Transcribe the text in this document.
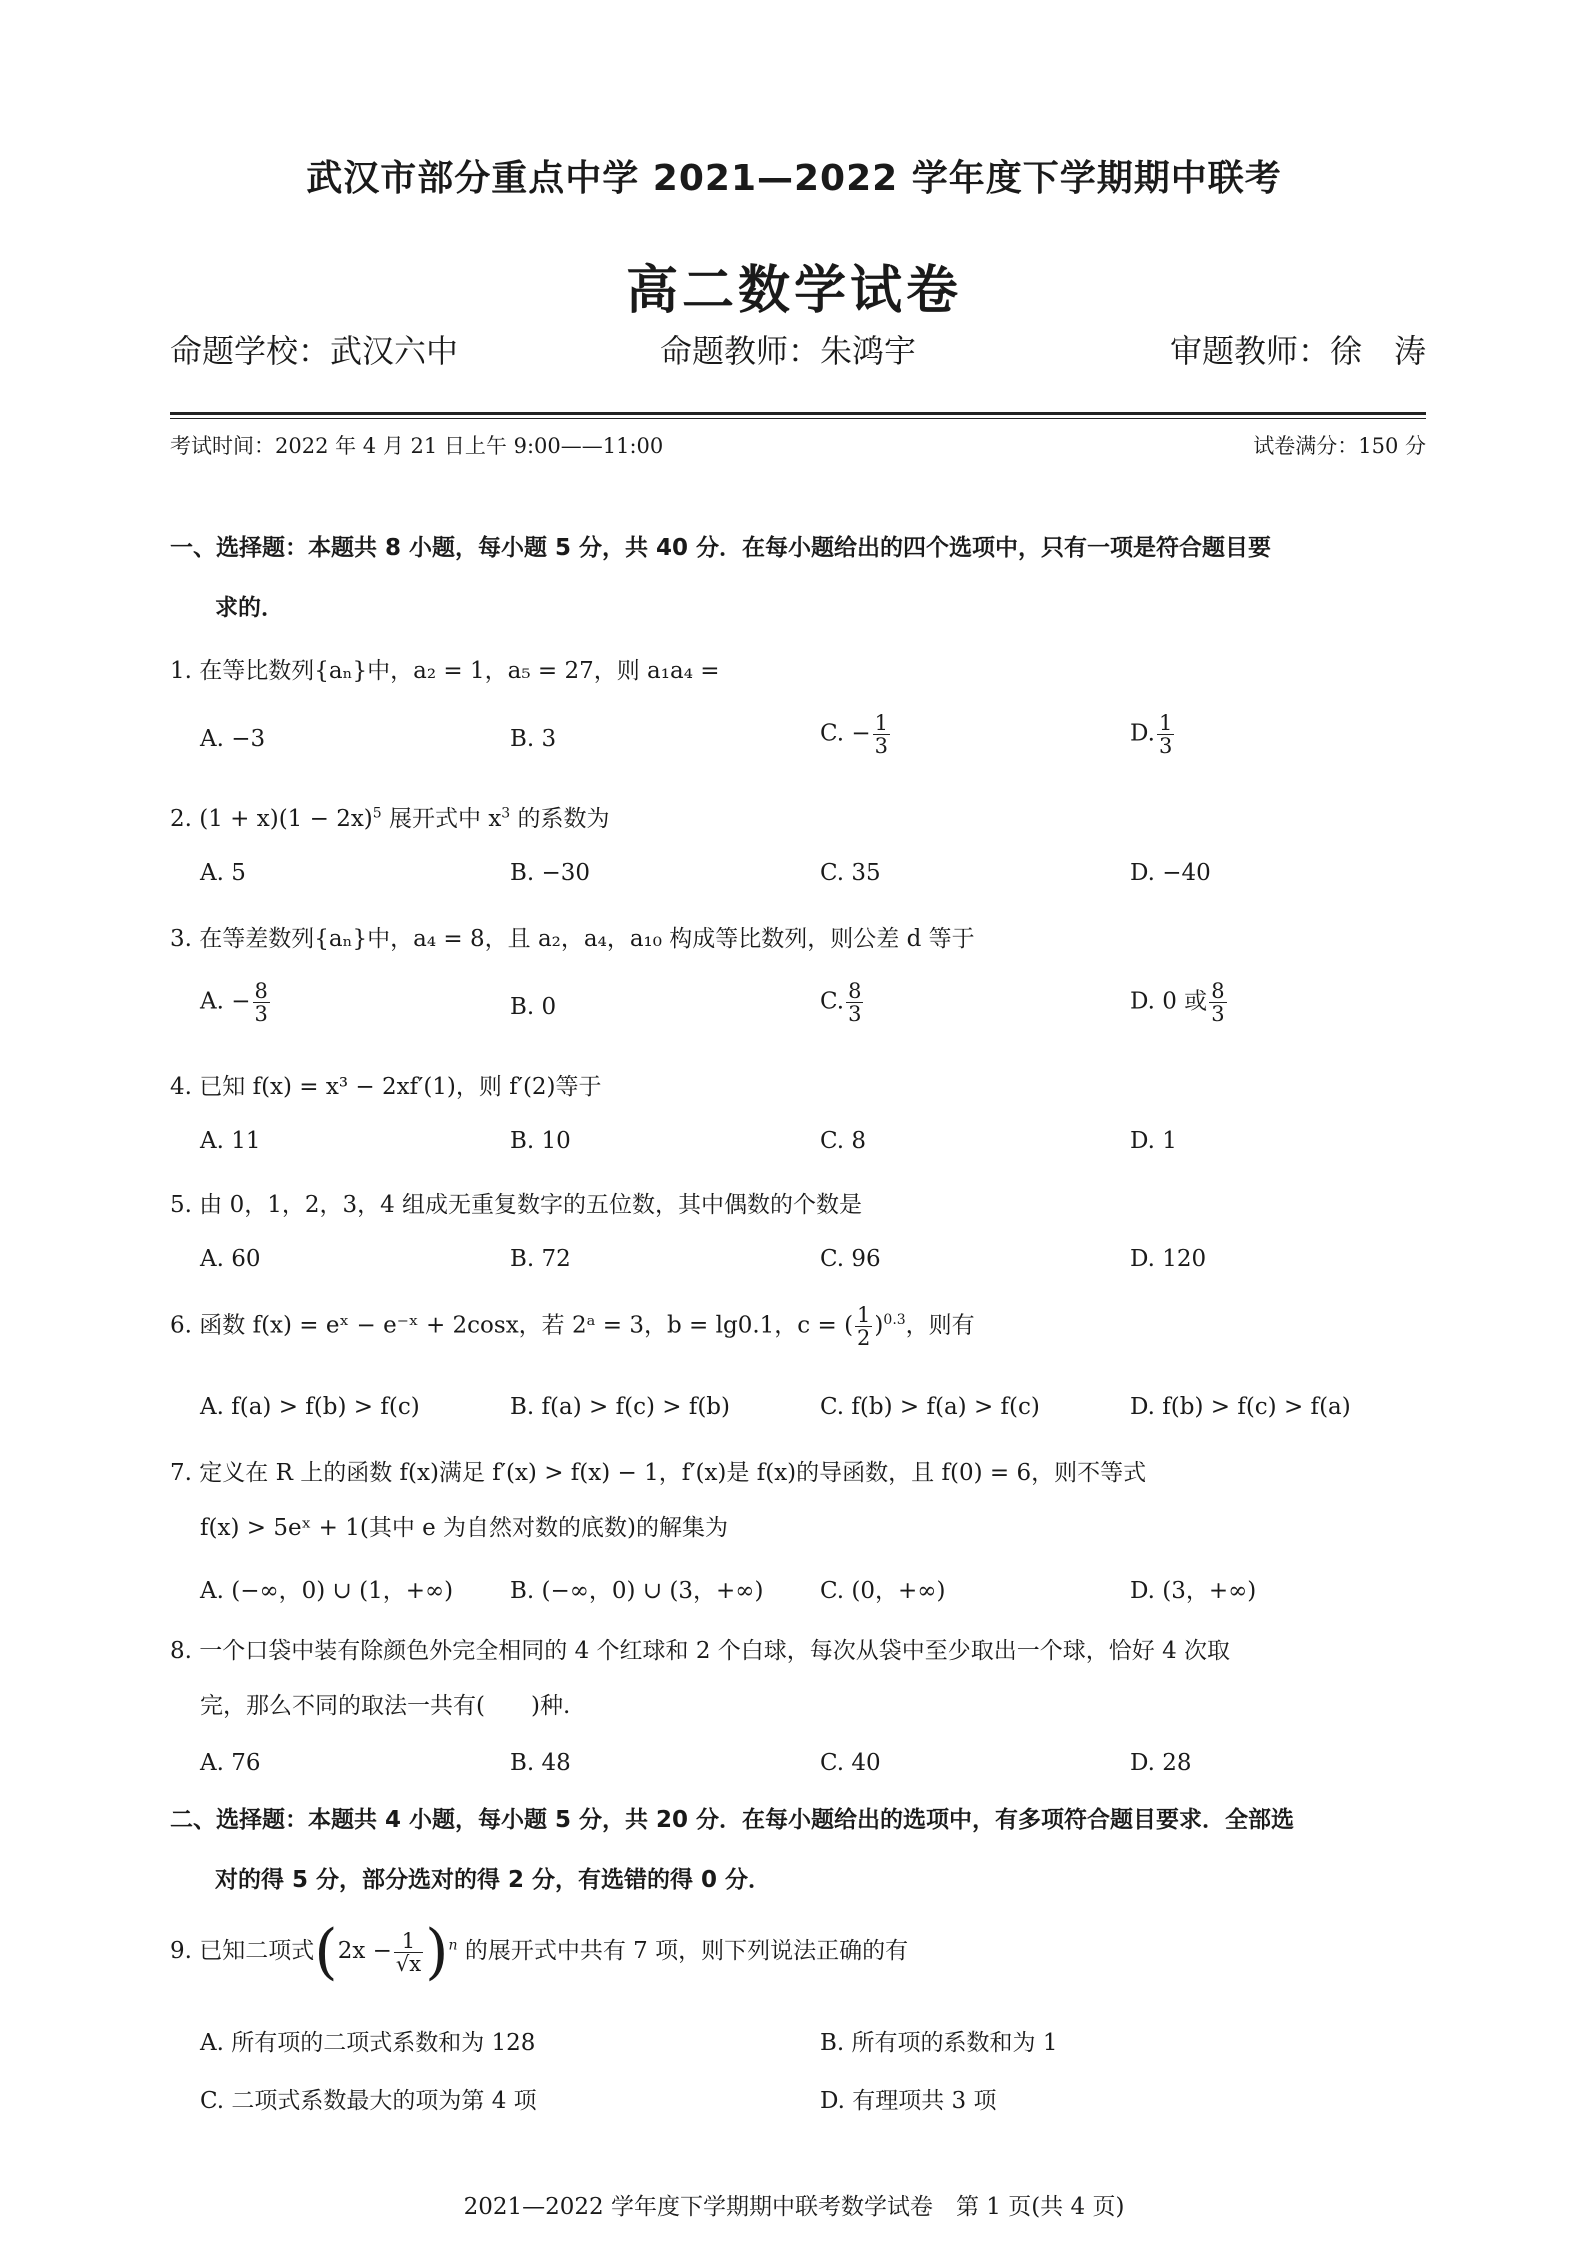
武汉市部分重点中学 2021—2022 学年度下学期期中联考
高二数学试卷
命题学校：武汉六中	命题教师：朱鸿宇	审题教师：徐　涛
考试时间：2022 年 4 月 21 日上午 9:00——11:00	试卷满分：150 分
一、选择题：本题共 8 小题，每小题 5 分，共 40 分．在每小题给出的四个选项中，只有一项是符合题目要
求的．
1. 在等比数列{aₙ}中，a₂ = 1，a₅ = 27，则 a₁a₄ =
A. −3	B. 3	C. − $\frac{1}{3}$	D. $\frac{1}{3}$
2. $(1 + x)(1 - 2x)^5$ 展开式中 $x^3$ 的系数为
A. 5	B. −30	C. 35	D. −40
3. 在等差数列{aₙ}中，a₄ = 8，且 a₂，a₄，a₁₀ 构成等比数列，则公差 d 等于
A. − $\frac{8}{3}$	B. 0	C. $\frac{8}{3}$	D. 0 或 $\frac{8}{3}$
4. 已知 f(x) = x³ − 2xf′(1)，则 f′(2)等于
A. 11	B. 10	C. 8	D. 1
5. 由 0，1，2，3，4 组成无重复数字的五位数，其中偶数的个数是
A. 60	B. 72	C. 96	D. 120
6. 函数 f(x) = eˣ − e⁻ˣ + 2cosx，若 2ᵃ = 3，b = lg0.1，c = ( $\frac{1}{2} )^{0.3}$，则有
A. f(a) > f(b) > f(c)	B. f(a) > f(c) > f(b)	C. f(b) > f(a) > f(c)	D. f(b) > f(c) > f(a)
7. 定义在 R 上的函数 f(x)满足 f′(x) > f(x) − 1，f′(x)是 f(x)的导函数，且 f(0) = 6，则不等式
f(x) > 5eˣ + 1(其中 e 为自然对数的底数)的解集为
A. (−∞，0) ∪ (1，+∞) B. (−∞，0) ∪ (3，+∞) C. (0，+∞)	D. (3，+∞)
8. 一个口袋中装有除颜色外完全相同的 4 个红球和 2 个白球，每次从袋中至少取出一个球，恰好 4 次取
完，那么不同的取法一共有(　　)种.
A. 76	B. 48	C. 40	D. 28
二、选择题：本题共 4 小题，每小题 5 分，共 20 分．在每小题给出的选项中，有多项符合题目要求．全部选
对的得 5 分，部分选对的得 2 分，有选错的得 0 分．
9. 已知二项式$(2x - \frac{1}{√x} )^n$ 的展开式中共有 7 项，则下列说法正确的有
A. 所有项的二项式系数和为 128	B. 所有项的系数和为 1
C. 二项式系数最大的项为第 4 项	D. 有理项共 3 项
2021—2022 学年度下学期期中联考数学试卷　第 1 页(共 4 页)
